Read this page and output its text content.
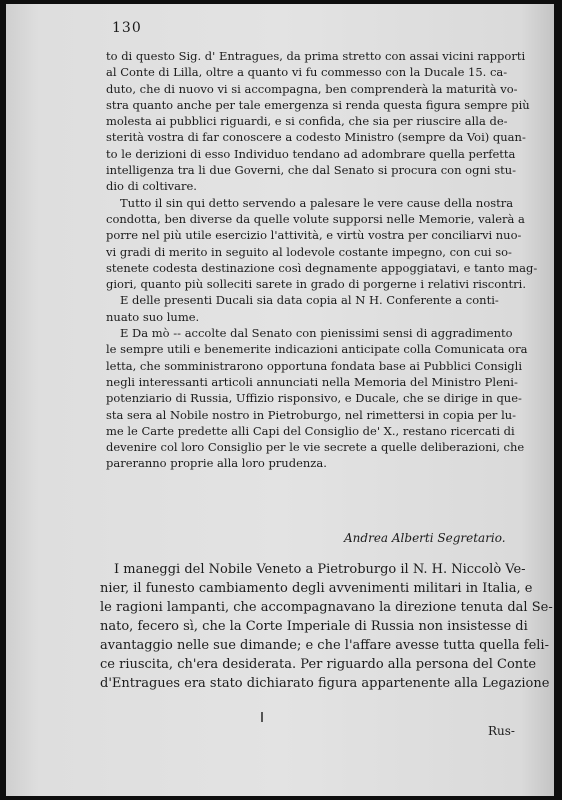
130

to di questo Sig. d' Entragues, da prima stretto con assai vicini rapporti
al Conte di Lilla, oltre a quanto vi fu commesso con la Ducale 15. ca-
duto, che di nuovo vi si accompagna, ben comprenderà la maturità vo-
stra quanto anche per tale emergenza si renda questa figura sempre più
molesta ai pubblici riguardi, e si confida, che sia per riuscire alla de-
sterità vostra di far conoscere a codesto Ministro (sempre da Voi) quan-
to le derizioni di esso Individuo tendano ad adombrare quella perfetta
intelligenza tra li due Governi, che dal Senato si procura con ogni stu-
dio di coltivare.

Tutto il sin qui detto servendo a palesare le vere cause della nostra
condotta, ben diverse da quelle volute supporsi nelle Memorie, valerà a
porre nel più utile esercizio l'attività, e virtù vostra per conciliarvi nuo-
vi gradi di merito in seguito al lodevole costante impegno, con cui so-
stenete codesta destinazione così degnamente appoggiatavi, e tanto mag-
giori, quanto più solleciti sarete in grado di porgerne i relativi riscontri.

E delle presenti Ducali sia data copia al N H. Conferente a conti-
nuato suo lume.

E Da mò -- accolte dal Senato con pienissimi sensi di aggradimento
le sempre utili e benemerite indicazioni anticipate colla Comunicata ora
letta, che somministrarono opportuna fondata base ai Pubblici Consigli
negli interessanti articoli annunciati nella Memoria del Ministro Pleni-
potenziario di Russia, Uffizio risponsivo, e Ducale, che se dirige in que-
sta sera al Nobile nostro in Pietroburgo, nel rimettersi in copia per lu-
me le Carte predette alli Capi del Consiglio de' X., restano ricercati di
devenire col loro Consiglio per le vie secrete a quelle deliberazioni, che
pareranno proprie alla loro prudenza.

Andrea Alberti Segretario.
I maneggi del Nobile Veneto a Pietroburgo il N. H. Niccolò Ve-
nier, il funesto cambiamento degli avvenimenti militari in Italia, e
le ragioni lampanti, che accompagnavano la direzione tenuta dal Se-
nato, fecero sì, che la Corte Imperiale di Russia non insistesse di
avantaggio nelle sue dimande; e che l'affare avesse tutta quella feli-
ce riuscita, ch'era desiderata. Per riguardo alla persona del Conte
d'Entragues era stato dichiarato figura appartenente alla Legazione
Rus-
